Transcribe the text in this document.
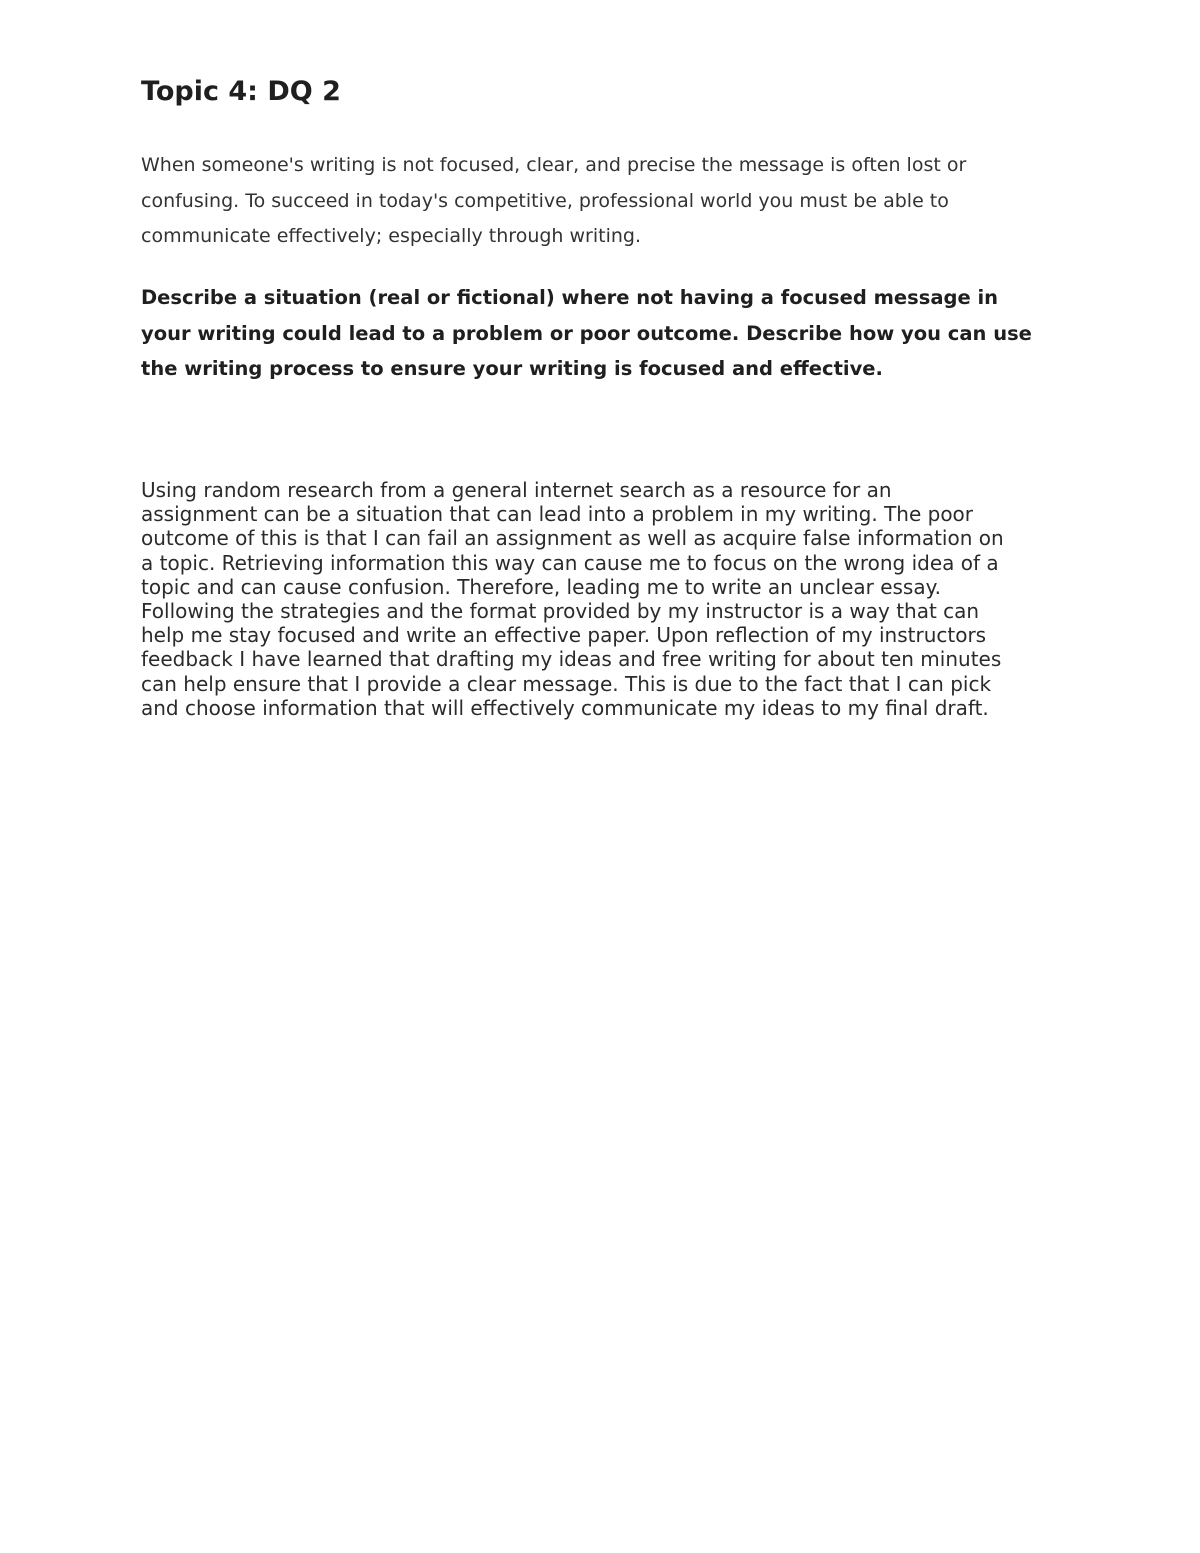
Topic 4: DQ 2

When someone's writing is not focused, clear, and precise the message is often lost or
confusing. To succeed in today's competitive, professional world you must be able to
communicate effectively; especially through writing.

Describe a situation (real or fictional) where not having a focused message in
your writing could lead to a problem or poor outcome. Describe how you can use
the writing process to ensure your writing is focused and effective.

Using random research from a general internet search as a resource for an
assignment can be a situation that can lead into a problem in my writing. The poor
outcome of this is that I can fail an assignment as well as acquire false information on
a topic. Retrieving information this way can cause me to focus on the wrong idea of a
topic and can cause confusion. Therefore, leading me to write an unclear essay.
Following the strategies and the format provided by my instructor is a way that can
help me stay focused and write an effective paper. Upon reflection of my instructors
feedback I have learned that drafting my ideas and free writing for about ten minutes
can help ensure that I provide a clear message. This is due to the fact that I can pick
and choose information that will effectively communicate my ideas to my final draft.
